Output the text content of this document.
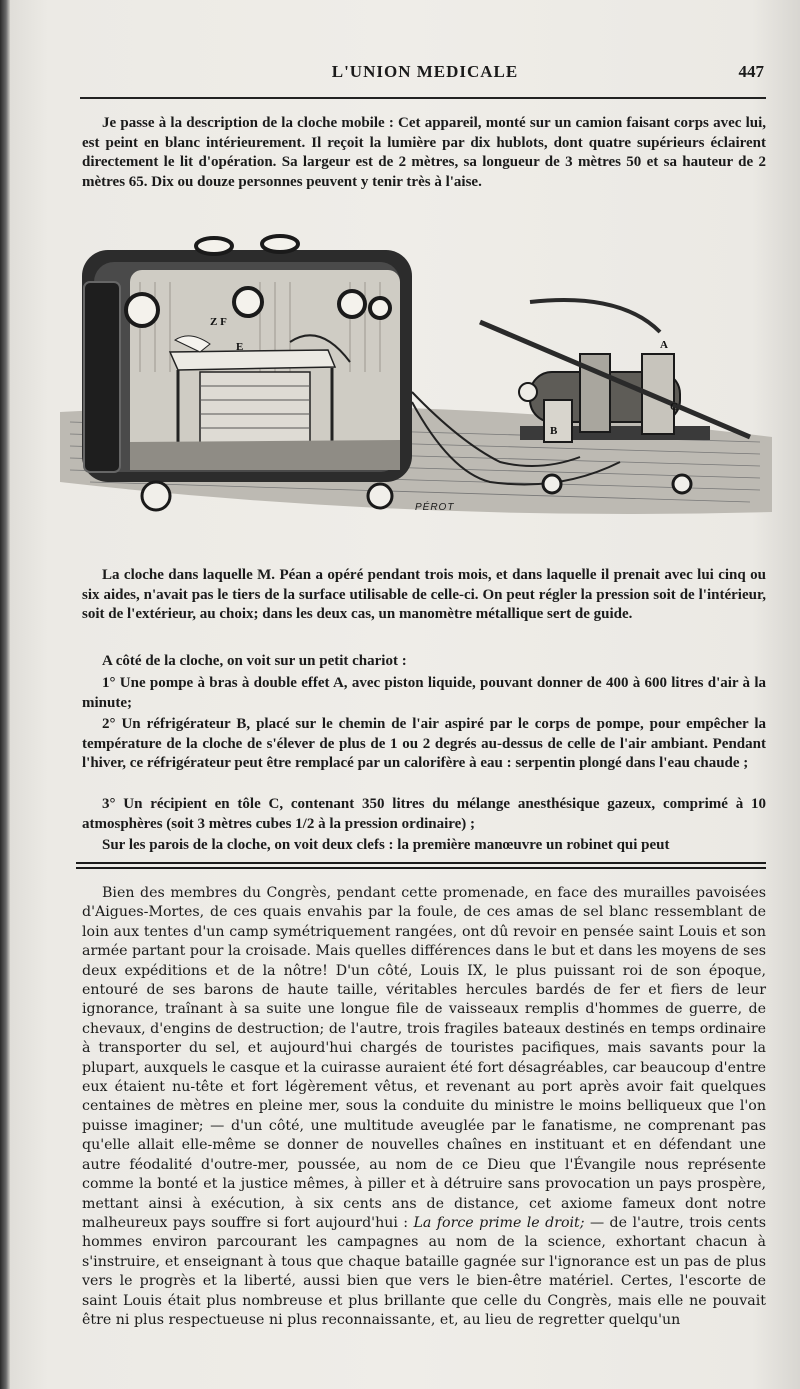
L'UNION MEDICALE	447

Je passe à la description de la cloche mobile : Cet appareil, monté sur un camion faisant corps avec lui, est peint en blanc intérieurement. Il reçoit la lumière par dix hublots, dont quatre supérieurs éclairent directement le lit d'opération. Sa largeur est de 2 mètres, sa longueur de 3 mètres 50 et sa hauteur de 2 mètres 65. Dix ou douze personnes peuvent y tenir très à l'aise.

Z F
E	A
B
C
PÉROT

La cloche dans laquelle M. Péan a opéré pendant trois mois, et dans laquelle il prenait avec lui cinq ou six aides, n'avait pas le tiers de la surface utilisable de celle-ci. On peut régler la pression soit de l'intérieur, soit de l'extérieur, au choix; dans les deux cas, un manomètre métallique sert de guide.

A côté de la cloche, on voit sur un petit chariot :

1° Une pompe à bras à double effet A, avec piston liquide, pouvant donner de 400 à 600 litres d'air à la minute;

2° Un réfrigérateur B, placé sur le chemin de l'air aspiré par le corps de pompe, pour empêcher la température de la cloche de s'élever de plus de 1 ou 2 degrés au-dessus de celle de l'air ambiant. Pendant l'hiver, ce réfrigérateur peut être remplacé par un calorifère à eau : serpentin plongé dans l'eau chaude ;

3° Un récipient en tôle C, contenant 350 litres du mélange anesthésique gazeux, comprimé à 10 atmosphères (soit 3 mètres cubes 1/2 à la pression ordinaire) ;

Sur les parois de la cloche, on voit deux clefs : la première manœuvre un robinet qui peut

Bien des membres du Congrès, pendant cette promenade, en face des murailles pavoisées d'Aigues-Mortes, de ces quais envahis par la foule, de ces amas de sel blanc ressemblant de loin aux tentes d'un camp symétriquement rangées, ont dû revoir en pensée saint Louis et son armée partant pour la croisade. Mais quelles différences dans le but et dans les moyens de ses deux expéditions et de la nôtre! D'un côté, Louis IX, le plus puissant roi de son époque, entouré de ses barons de haute taille, véritables hercules bardés de fer et fiers de leur ignorance, traînant à sa suite une longue file de vaisseaux remplis d'hommes de guerre, de chevaux, d'engins de destruction; de l'autre, trois fragiles bateaux destinés en temps ordinaire à transporter du sel, et aujourd'hui chargés de touristes pacifiques, mais savants pour la plupart, auxquels le casque et la cuirasse auraient été fort désagréables, car beaucoup d'entre eux étaient nu-tête et fort légèrement vêtus, et revenant au port après avoir fait quelques centaines de mètres en pleine mer, sous la conduite du ministre le moins belliqueux que l'on puisse imaginer; — d'un côté, une multitude aveuglée par le fanatisme, ne comprenant pas qu'elle allait elle-même se donner de nouvelles chaînes en instituant et en défendant une autre féodalité d'outre-mer, poussée, au nom de ce Dieu que l'Évangile nous représente comme la bonté et la justice mêmes, à piller et à détruire sans provocation un pays prospère, mettant ainsi à exécution, à six cents ans de distance, cet axiome fameux dont notre malheureux pays souffre si fort aujourd'hui : La force prime le droit; — de l'autre, trois cents hommes environ parcourant les campagnes au nom de la science, exhortant chacun à s'instruire, et enseignant à tous que chaque bataille gagnée sur l'ignorance est un pas de plus vers le progrès et la liberté, aussi bien que vers le bien-être matériel. Certes, l'escorte de saint Louis était plus nombreuse et plus brillante que celle du Congrès, mais elle ne pouvait être ni plus respectueuse ni plus reconnaissante, et, au lieu de regretter quelqu'un
